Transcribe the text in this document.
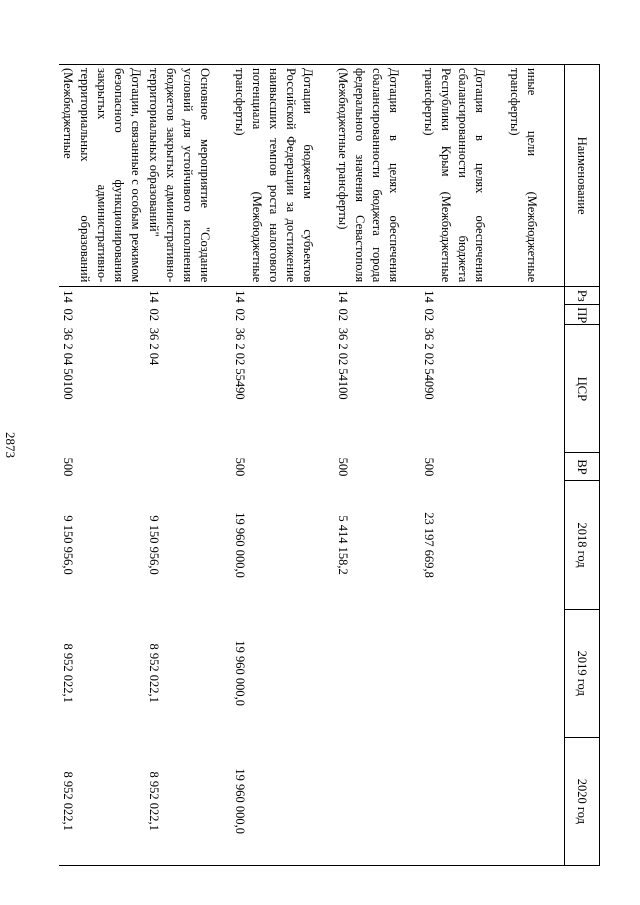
2873
Наименование	Рз	ПР	ЦСР	ВР	2018 год	2019 год	2020 год
иные цели (Межбюджетные трансферты)							
Дотация в целях обеспечения сбалансированности бюджета Республики Крым (Межбюджетные трансферты)	14	02	36 2 02 54090	500	23 197 669,8		
Дотация в целях обеспечения сбалансированности бюджета города федерального значения Севастополя (Межбюджетные трансферты)	14	02	36 2 02 54100	500	5 414 158,2		
Дотации бюджетам субъектов Российской Федерации за достижение наивысших темпов роста налогового потенциала (Межбюджетные трансферты)	14	02	36 2 02 55490	500	19 960 000,0	19 960 000,0	19 960 000,0
Основное мероприятие "Создание условий для устойчивого исполнения бюджетов закрытых административно-территориальных образований"	14	02	36 2 04		9 150 956,0	8 952 022,1	8 952 022,1
Дотации, связанные с особым режимом безопасного функционирования закрытых административно-территориальных образований (Межбюджетные	14	02	36 2 04 50100	500	9 150 956,0	8 952 022,1	8 952 022,1
